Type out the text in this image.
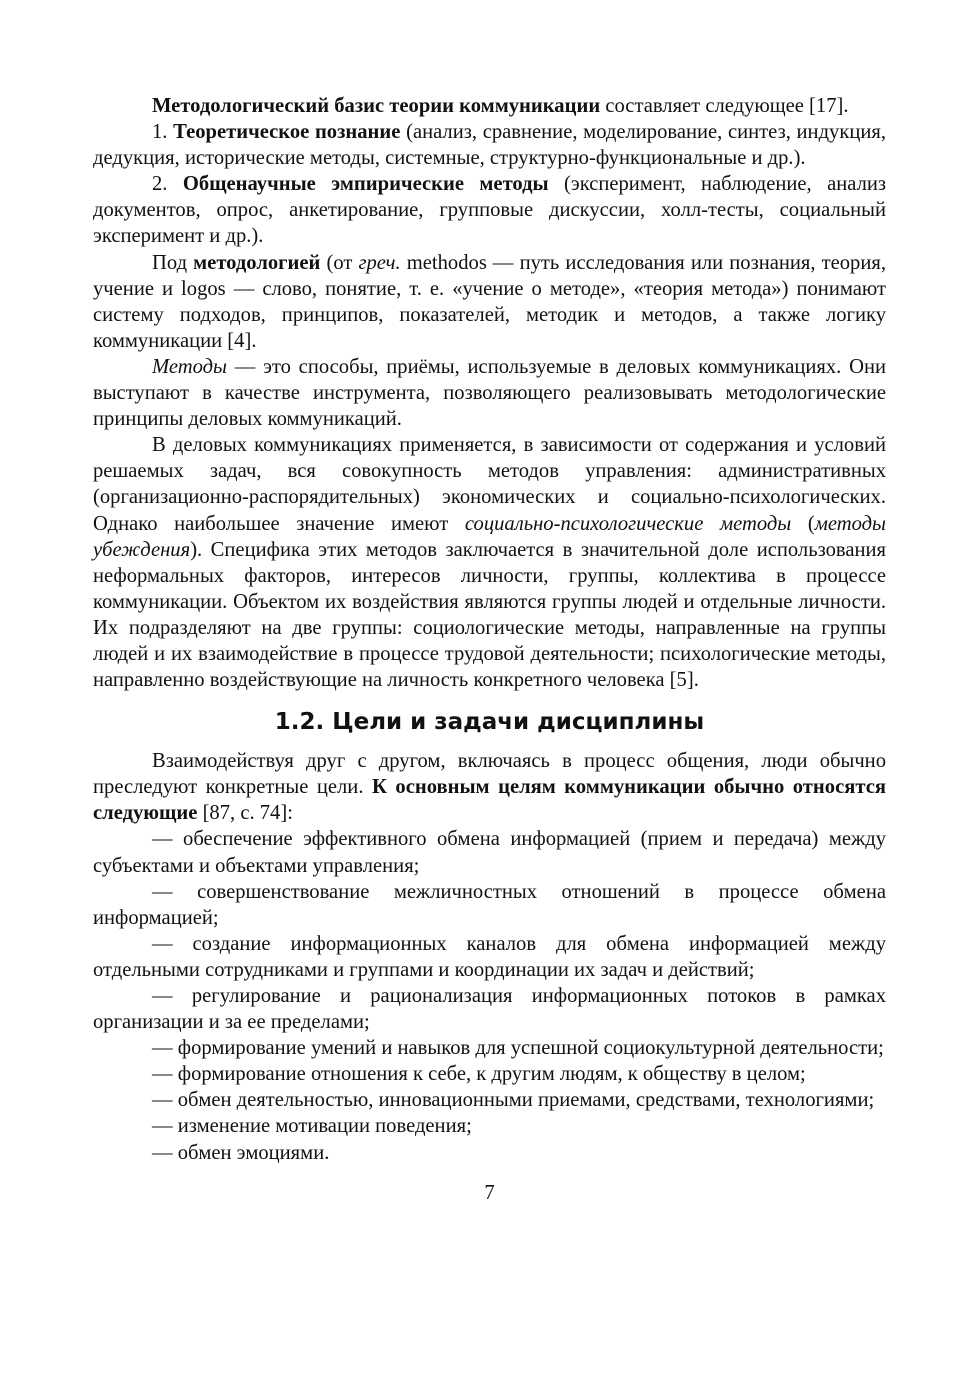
Методологический базис теории коммуникации составляет следующее [17].

1. Теоретическое познание (анализ, сравнение, моделирование, синтез, индукция, дедукция, исторические методы, системные, структурно-функциональные и др.).

2. Общенаучные эмпирические методы (эксперимент, наблюдение, анализ документов, опрос, анкетирование, групповые дискуссии, холл-тесты, социальный эксперимент и др.).

Под методологией (от греч. methodos — путь исследования или познания, теория, учение и logos — слово, понятие, т. е. «учение о методе», «теория метода») понимают систему подходов, принципов, показателей, методик и методов, а также логику коммуникации [4].

Методы — это способы, приёмы, используемые в деловых коммуникациях. Они выступают в качестве инструмента, позволяющего реализовывать методологические принципы деловых коммуникаций.

В деловых коммуникациях применяется, в зависимости от содержания и условий решаемых задач, вся совокупность методов управления: административных (организационно-распорядительных) экономических и социально-психологических. Однако наибольшее значение имеют социально-психологические методы (методы убеждения). Специфика этих методов заключается в значительной доле использования неформальных факторов, интересов личности, группы, коллектива в процессе коммуникации. Объектом их воздействия являются группы людей и отдельные личности. Их подразделяют на две группы: социологические методы, направленные на группы людей и их взаимодействие в процессе трудовой деятельности; психологические методы, направленно воздействующие на личность конкретного человека [5].

1.2. Цели и задачи дисциплины

Взаимодействуя друг с другом, включаясь в процесс общения, люди обычно преследуют конкретные цели. К основным целям коммуникации обычно относятся следующие [87, с. 74]:

— обеспечение эффективного обмена информацией (прием и передача) между субъектами и объектами управления;

— совершенствование межличностных отношений в процессе обмена информацией;

— создание информационных каналов для обмена информацией между отдельными сотрудниками и группами и координации их задач и действий;

— регулирование и рационализация информационных потоков в рамках организации и за ее пределами;

— формирование умений и навыков для успешной социокультурной деятельности;

— формирование отношения к себе, к другим людям, к обществу в целом;

— обмен деятельностью, инновационными приемами, средствами, технологиями;

— изменение мотивации поведения;

— обмен эмоциями.

7
